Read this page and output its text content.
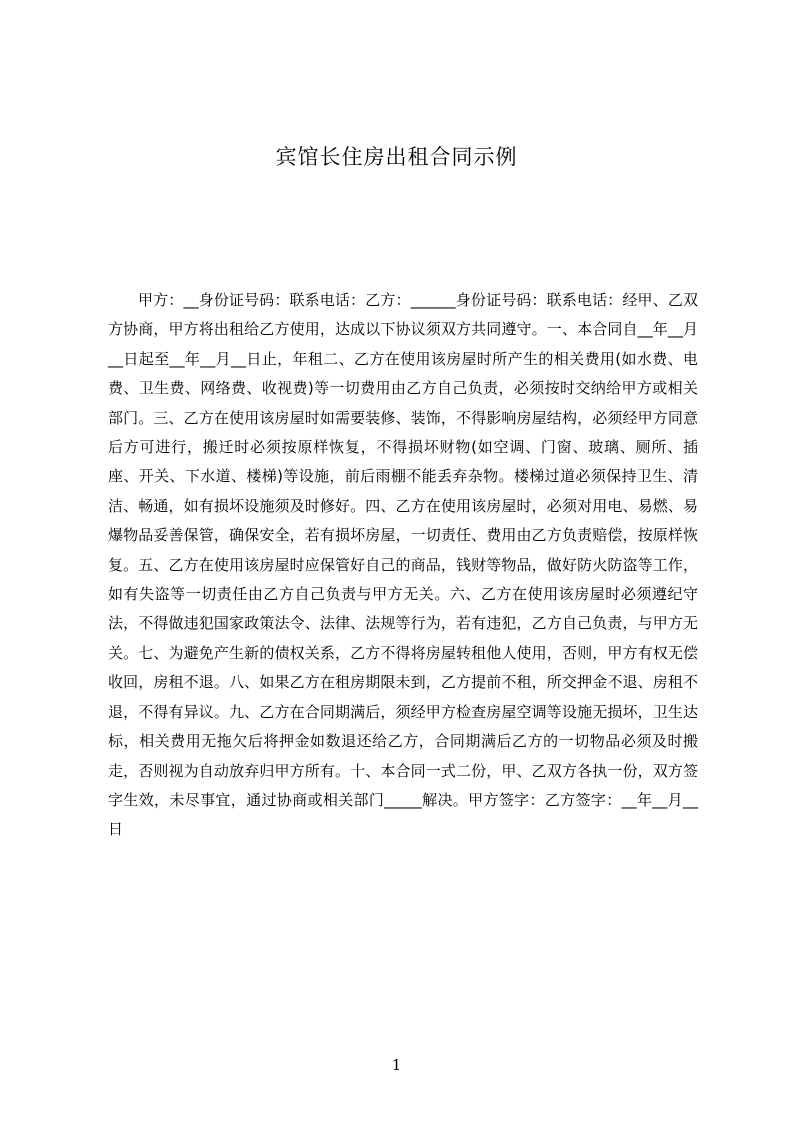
宾馆长住房出租合同示例

甲方：__身份证号码：联系电话：乙方：______身份证号码：联系电话：经甲、乙双方协商，甲方将出租给乙方使用，达成以下协议须双方共同遵守。一、本合同自__年__月__日起至__年__月__日止，年租二、乙方在使用该房屋时所产生的相关费用(如水费、电费、卫生费、网络费、收视费)等一切费用由乙方自己负责，必须按时交纳给甲方或相关部门。三、乙方在使用该房屋时如需要装修、装饰，不得影响房屋结构，必须经甲方同意后方可进行，搬迁时必须按原样恢复，不得损坏财物(如空调、门窗、玻璃、厕所、插座、开关、下水道、楼梯)等设施，前后雨棚不能丢弃杂物。楼梯过道必须保持卫生、清洁、畅通，如有损坏设施须及时修好。四、乙方在使用该房屋时，必须对用电、易燃、易爆物品妥善保管，确保安全，若有损坏房屋，一切责任、费用由乙方负责赔偿，按原样恢复。五、乙方在使用该房屋时应保管好自己的商品，钱财等物品，做好防火防盗等工作，如有失盗等一切责任由乙方自己负责与甲方无关。六、乙方在使用该房屋时必须遵纪守法，不得做违犯国家政策法令、法律、法规等行为，若有违犯，乙方自己负责，与甲方无关。七、为避免产生新的债权关系，乙方不得将房屋转租他人使用，否则，甲方有权无偿收回，房租不退。八、如果乙方在租房期限未到，乙方提前不租，所交押金不退、房租不退，不得有异议。九、乙方在合同期满后，须经甲方检查房屋空调等设施无损坏，卫生达标，相关费用无拖欠后将押金如数退还给乙方，合同期满后乙方的一切物品必须及时搬走，否则视为自动放弃归甲方所有。十、本合同一式二份，甲、乙双方各执一份，双方签字生效，未尽事宜，通过协商或相关部门_____解决。甲方签字：乙方签字：__年__月__日

1
